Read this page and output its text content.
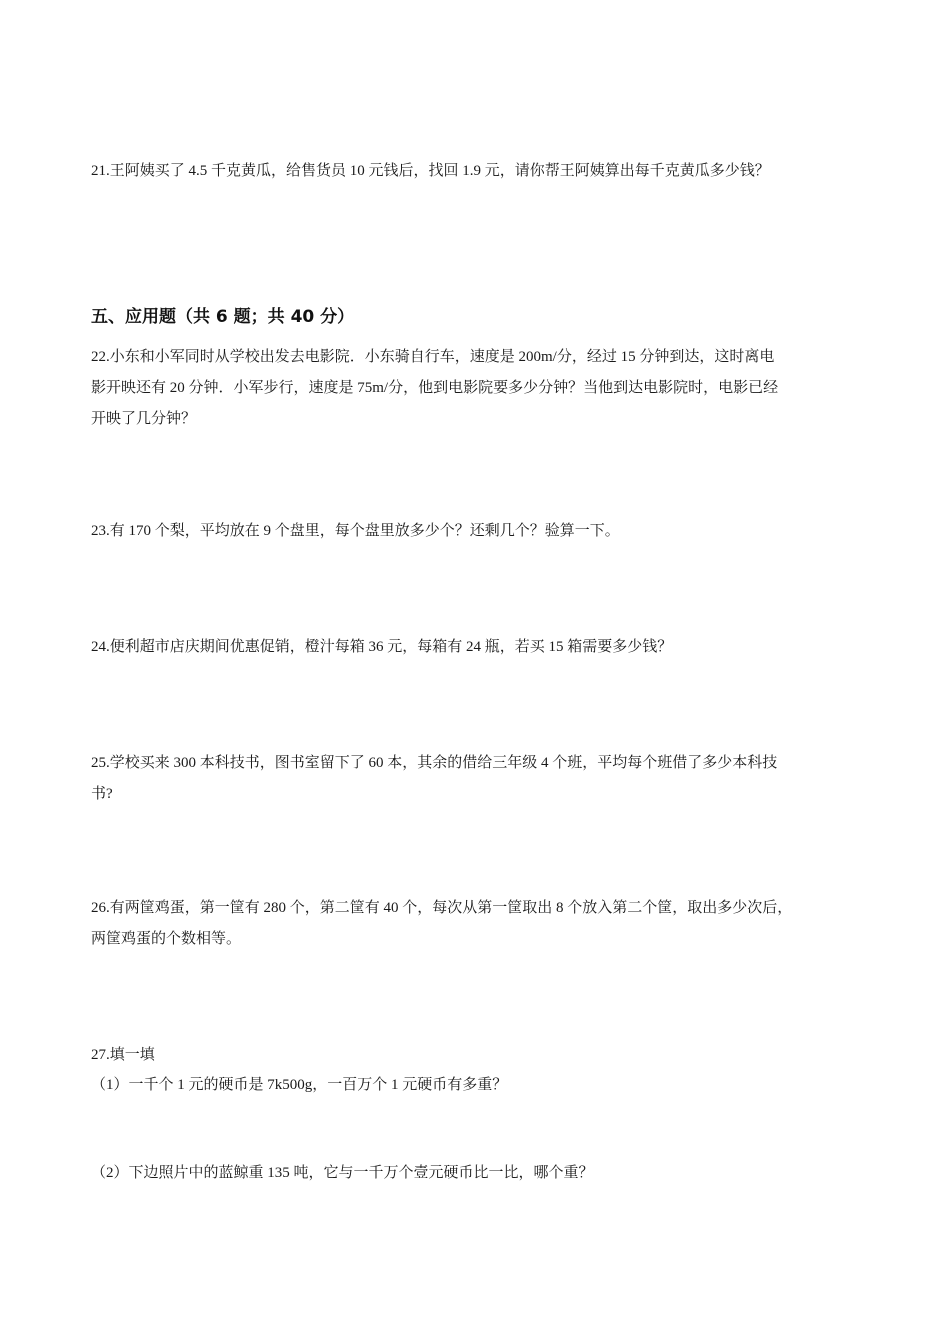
21.王阿姨买了 4.5 千克黄瓜，给售货员 10 元钱后，找回 1.9 元，请你帮王阿姨算出每千克黄瓜多少钱？
五、应用题（共 6 题；共 40 分）
22.小东和小军同时从学校出发去电影院．小东骑自行车，速度是 200m/分，经过 15 分钟到达，这时离电
影开映还有 20 分钟．小军步行，速度是 75m/分，他到电影院要多少分钟？当他到达电影院时，电影已经
开映了几分钟？
23.有 170 个梨，平均放在 9 个盘里，每个盘里放多少个？还剩几个？验算一下。
24.便利超市店庆期间优惠促销，橙汁每箱 36 元，每箱有 24 瓶，若买 15 箱需要多少钱？
25.学校买来 300 本科技书，图书室留下了 60 本，其余的借给三年级 4 个班，平均每个班借了多少本科技
书?
26.有两筐鸡蛋，第一筐有 280 个，第二筐有 40 个，每次从第一筐取出 8 个放入第二个筐，取出多少次后，
两筐鸡蛋的个数相等。
27.填一填
（1）一千个 1 元的硬币是 7k500g，一百万个 1 元硬币有多重？
（2）下边照片中的蓝鲸重 135 吨，它与一千万个壹元硬币比一比，哪个重？
